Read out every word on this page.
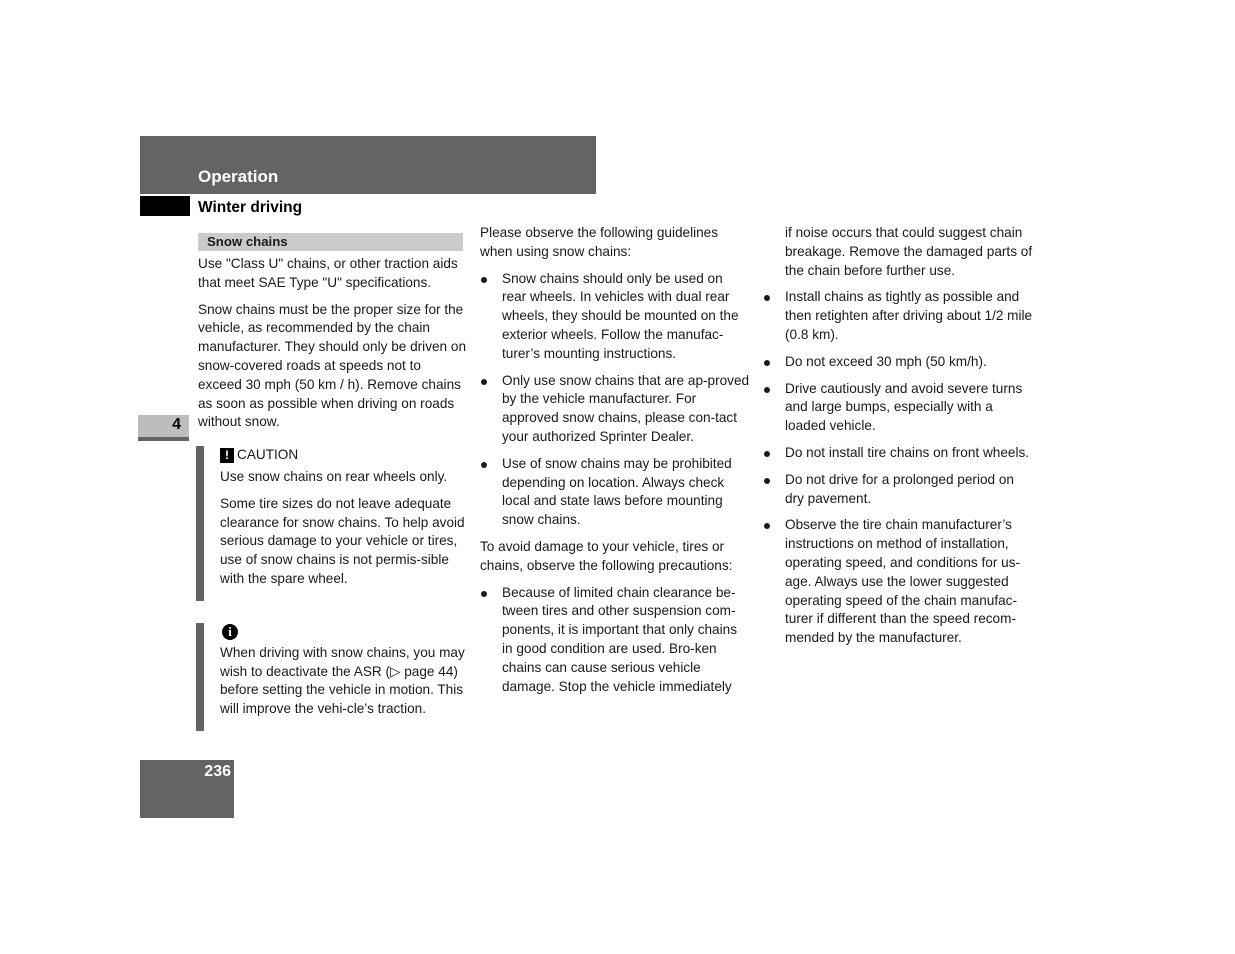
Operation
Winter driving
4
236
Snow chains

Use "Class U" chains, or other traction aids that meet SAE Type "U" specifications.

Snow chains must be the proper size for the vehicle, as recommended by the chain manufacturer. They should only be driven on snow-covered roads at speeds not to exceed 30 mph (50 km / h). Remove chains as soon as possible when driving on roads without snow.

! CAUTION

Use snow chains on rear wheels only.

Some tire sizes do not leave adequate clearance for snow chains. To help avoid serious damage to your vehicle or tires, use of snow chains is not permis-sible with the spare wheel.

i

When driving with snow chains, you may wish to deactivate the ASR (▷ page 44) before setting the vehicle in motion. This will improve the vehi-cle’s traction.

Please observe the following guidelines when using snow chains:

Snow chains should only be used on rear wheels. In vehicles with dual rear wheels, they should be mounted on the exterior wheels. Follow the manufac-turer’s mounting instructions.
Only use snow chains that are ap-proved by the vehicle manufacturer. For approved snow chains, please con-tact your authorized Sprinter Dealer.
Use of snow chains may be prohibited depending on location. Always check local and state laws before mounting snow chains.

To avoid damage to your vehicle, tires or chains, observe the following precautions:

Because of limited chain clearance be-tween tires and other suspension com-ponents, it is important that only chains in good condition are used. Bro-ken chains can cause serious vehicle damage. Stop the vehicle immediately
if noise occurs that could suggest chain breakage. Remove the damaged parts of the chain before further use.
Install chains as tightly as possible and then retighten after driving about 1/2 mile (0.8 km).
Do not exceed 30 mph (50 km/h).
Drive cautiously and avoid severe turns and large bumps, especially with a loaded vehicle.
Do not install tire chains on front wheels.
Do not drive for a prolonged period on dry pavement.
Observe the tire chain manufacturer’s instructions on method of installation, operating speed, and conditions for us-age. Always use the lower suggested operating speed of the chain manufac-turer if different than the speed recom-mended by the manufacturer.
